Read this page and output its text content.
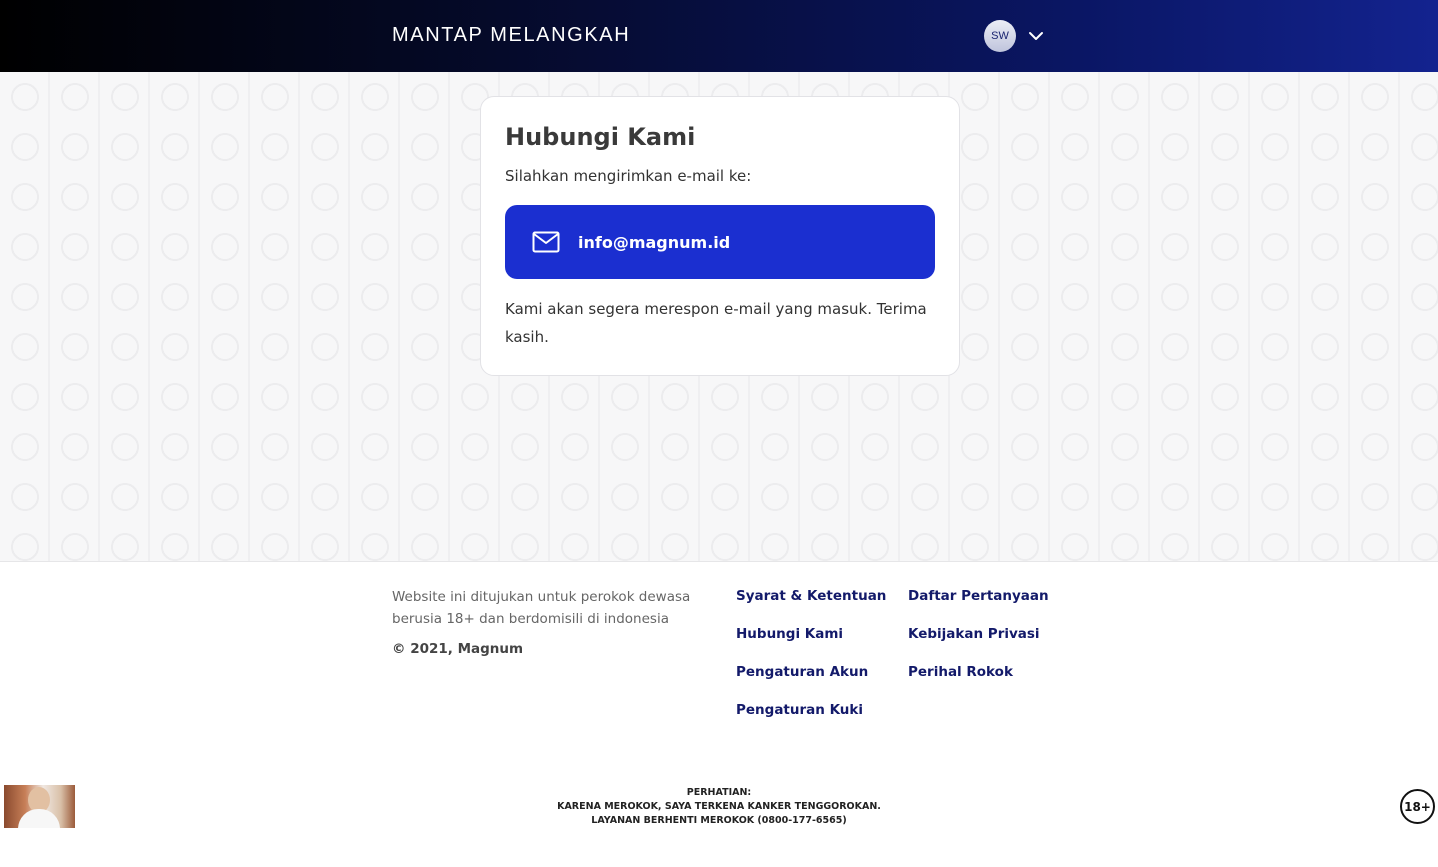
MANTAP MELANGKAH	SW
Hubungi Kami
Silahkan mengirimkan e-mail ke:
info@magnum.id
Kami akan segera merespon e-mail yang masuk. Terima kasih.
Website ini ditujukan untuk perokok dewasa berusia 18+ dan berdomisili di indonesia
© 2021, Magnum
Syarat & Ketentuan Daftar Pertanyaan
Hubungi Kami	Kebijakan Privasi
Pengaturan Akun	Perihal Rokok
Pengaturan Kuki
PERHATIAN:
KARENA MEROKOK, SAYA TERKENA KANKER TENGGOROKAN.
LAYANAN BERHENTI MEROKOK (0800-177-6565)
18+
